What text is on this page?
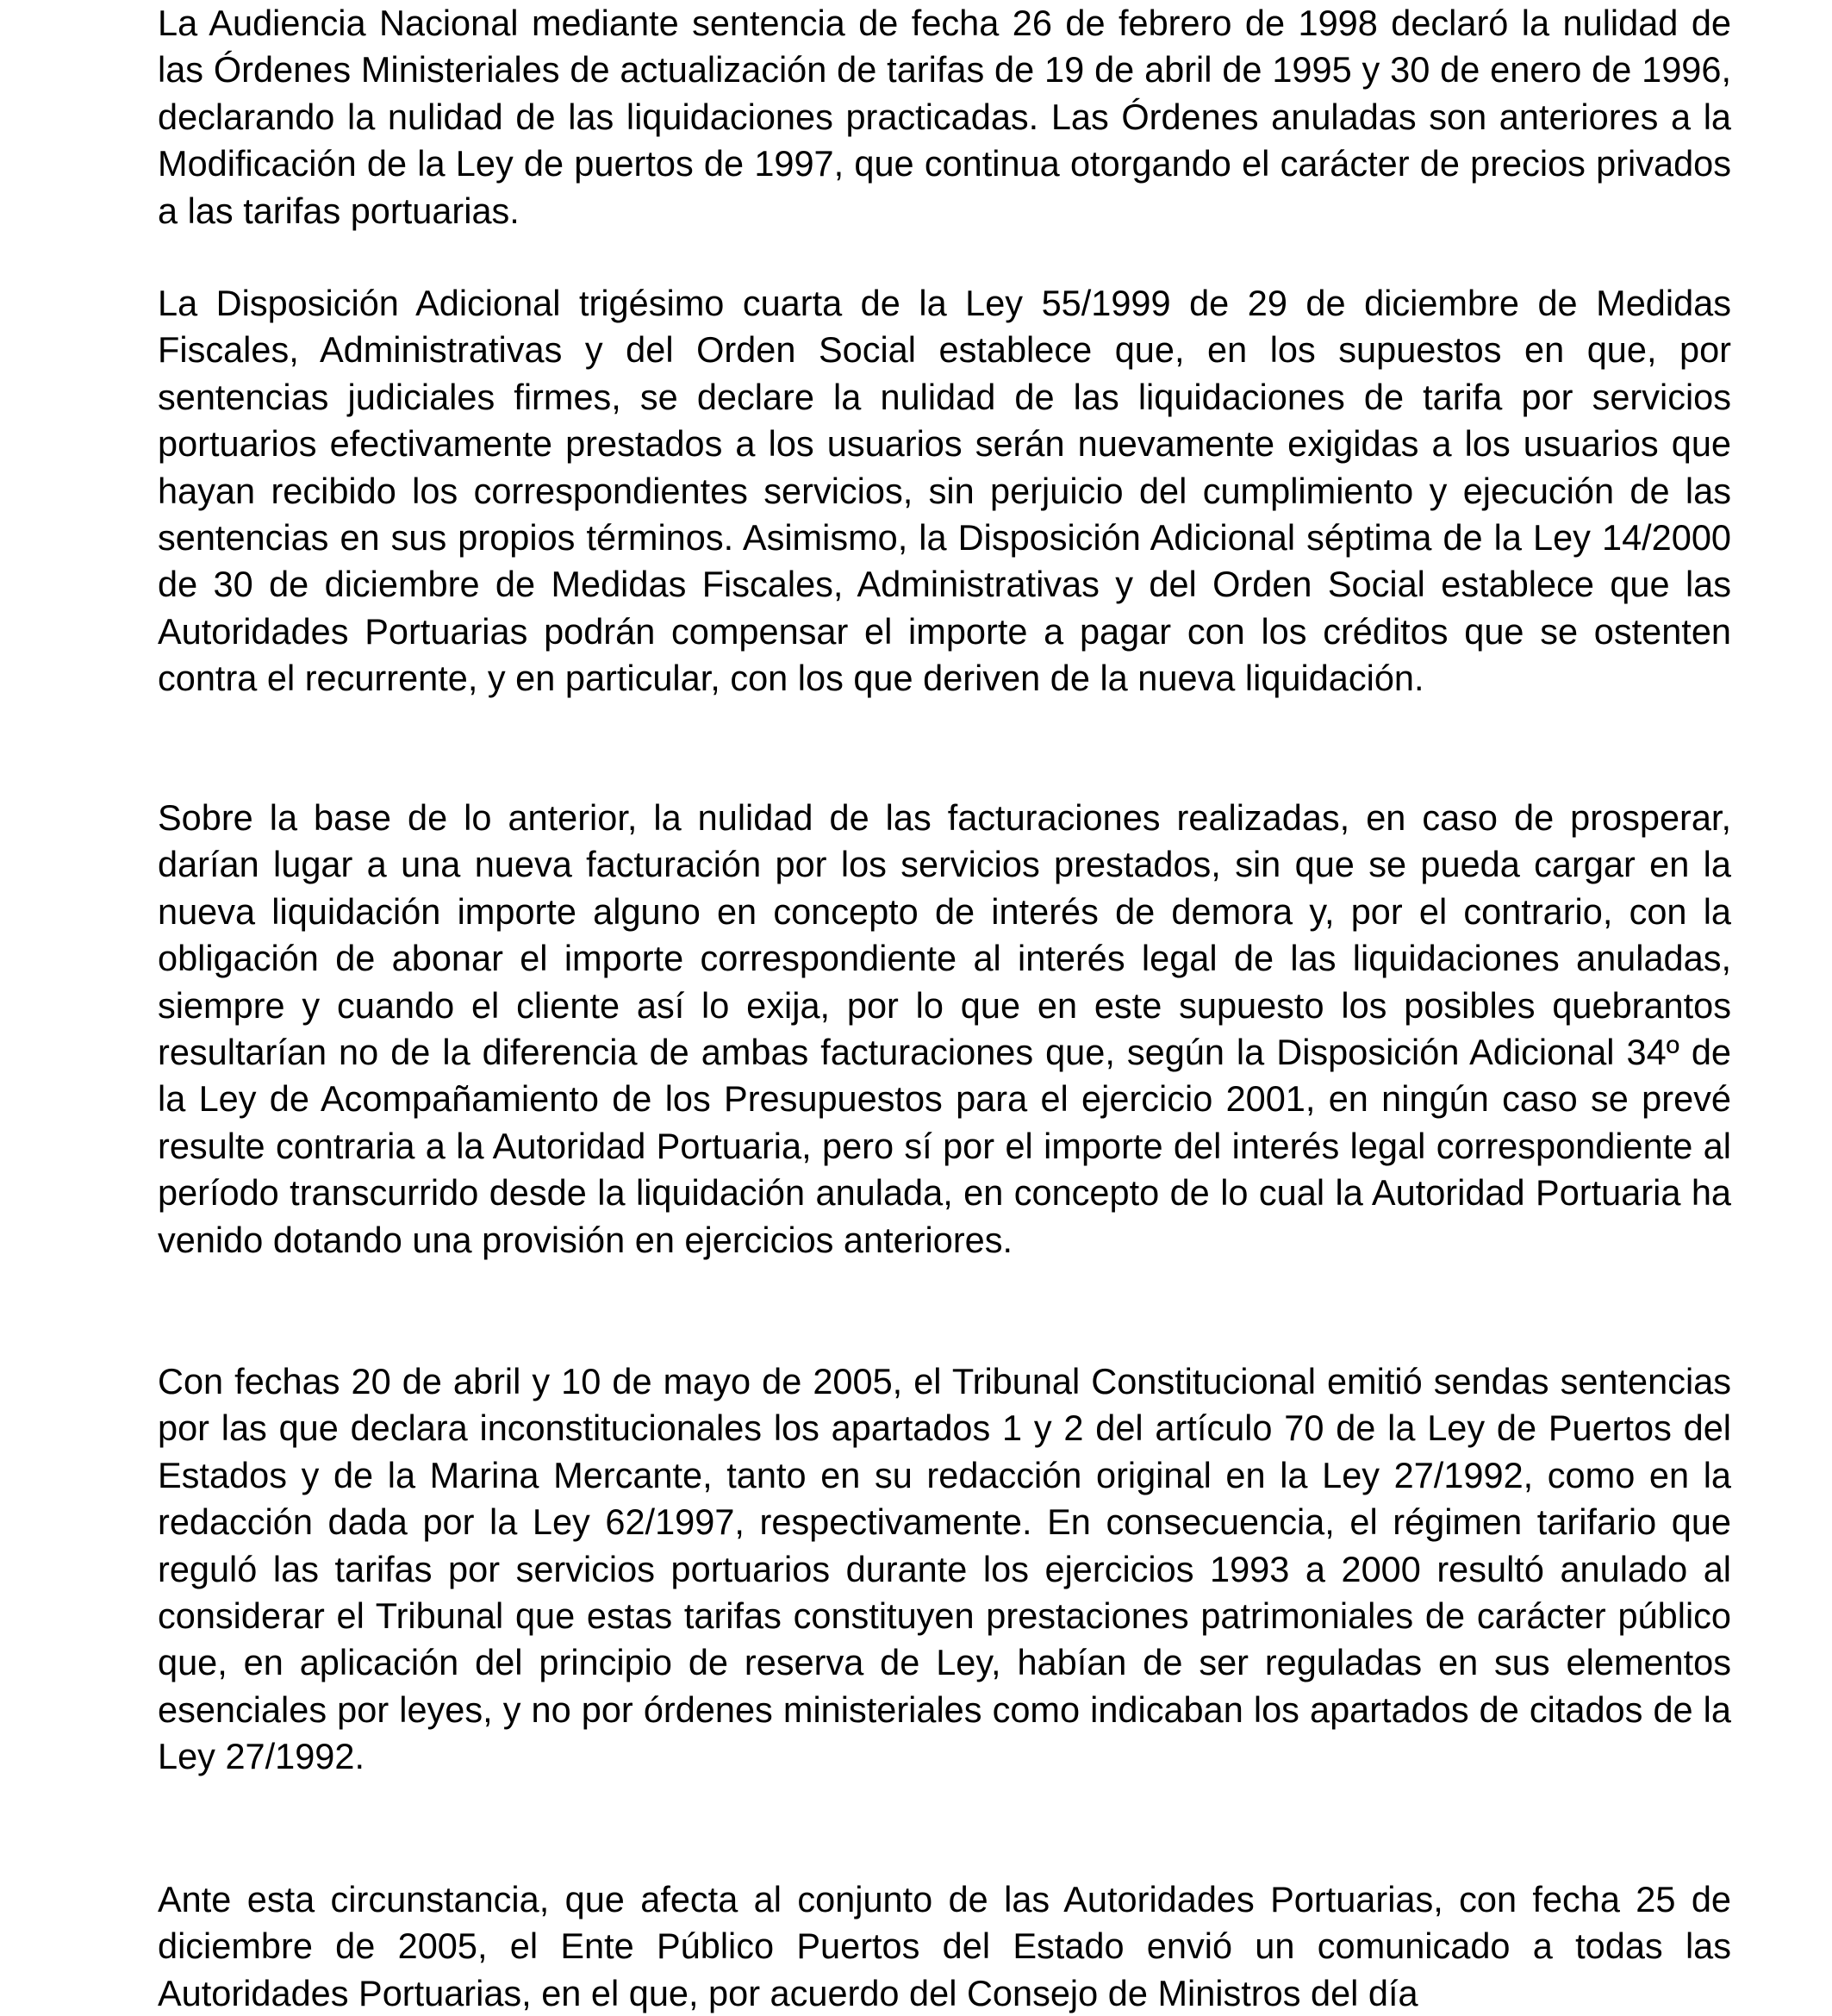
La Audiencia Nacional mediante sentencia de fecha 26 de febrero de 1998 declaró la nulidad de las Órdenes Ministeriales de actualización de tarifas de 19 de abril de 1995 y 30 de enero de 1996, declarando la nulidad de las liquidaciones practicadas. Las Órdenes anuladas son anteriores a la Modificación de la Ley de puertos de 1997, que continua otorgando el carácter de precios privados a las tarifas portuarias.

La Disposición Adicional trigésimo cuarta de la Ley 55/1999 de 29 de diciembre de Medidas Fiscales, Administrativas y del Orden Social establece que, en los supuestos en que, por sentencias judiciales firmes, se declare la nulidad de las liquidaciones de tarifa por servicios portuarios efectivamente prestados a los usuarios serán nuevamente exigidas a los usuarios que hayan recibido los correspondientes servicios, sin perjuicio del cumplimiento y ejecución de las sentencias en sus propios términos. Asimismo, la Disposición Adicional séptima de la Ley 14/2000 de 30 de diciembre de Medidas Fiscales, Administrativas y del Orden Social establece que las Autoridades Portuarias podrán compensar el importe a pagar con los créditos que se ostenten contra el recurrente, y en particular, con los que deriven de la nueva liquidación.

Sobre la base de lo anterior, la nulidad de las facturaciones realizadas, en caso de prosperar, darían lugar a una nueva facturación por los servicios prestados, sin que se pueda cargar en la nueva liquidación importe alguno en concepto de interés de demora y, por el contrario, con la obligación de abonar el importe correspondiente al interés legal de las liquidaciones anuladas, siempre y cuando el cliente así lo exija, por lo que en este supuesto los posibles quebrantos resultarían no de la diferencia de ambas facturaciones que, según la Disposición Adicional 34º de la Ley de Acompañamiento de los Presupuestos para el ejercicio 2001, en ningún caso se prevé resulte contraria a la Autoridad Portuaria, pero sí por el importe del interés legal correspondiente al período transcurrido desde la liquidación anulada, en concepto de lo cual la Autoridad Portuaria ha venido dotando una provisión en ejercicios anteriores.

Con fechas 20 de abril y 10 de mayo de 2005, el Tribunal Constitucional emitió sendas sentencias por las que declara inconstitucionales los apartados 1 y 2 del artículo 70 de la Ley de Puertos del Estados y de la Marina Mercante, tanto en su redacción original en la Ley 27/1992, como en la redacción dada por la Ley 62/1997, respectivamente. En consecuencia, el régimen tarifario que reguló las tarifas por servicios portuarios durante los ejercicios 1993 a 2000 resultó anulado al considerar el Tribunal que estas tarifas constituyen prestaciones patrimoniales de carácter público que, en aplicación del principio de reserva de Ley, habían de ser reguladas en sus elementos esenciales por leyes, y no por órdenes ministeriales como indicaban los apartados de citados de la Ley 27/1992.

Ante esta circunstancia, que afecta al conjunto de las Autoridades Portuarias, con fecha 25 de diciembre de 2005, el Ente Público Puertos del Estado envió un comunicado a todas las Autoridades Portuarias, en el que, por acuerdo del Consejo de Ministros del día
